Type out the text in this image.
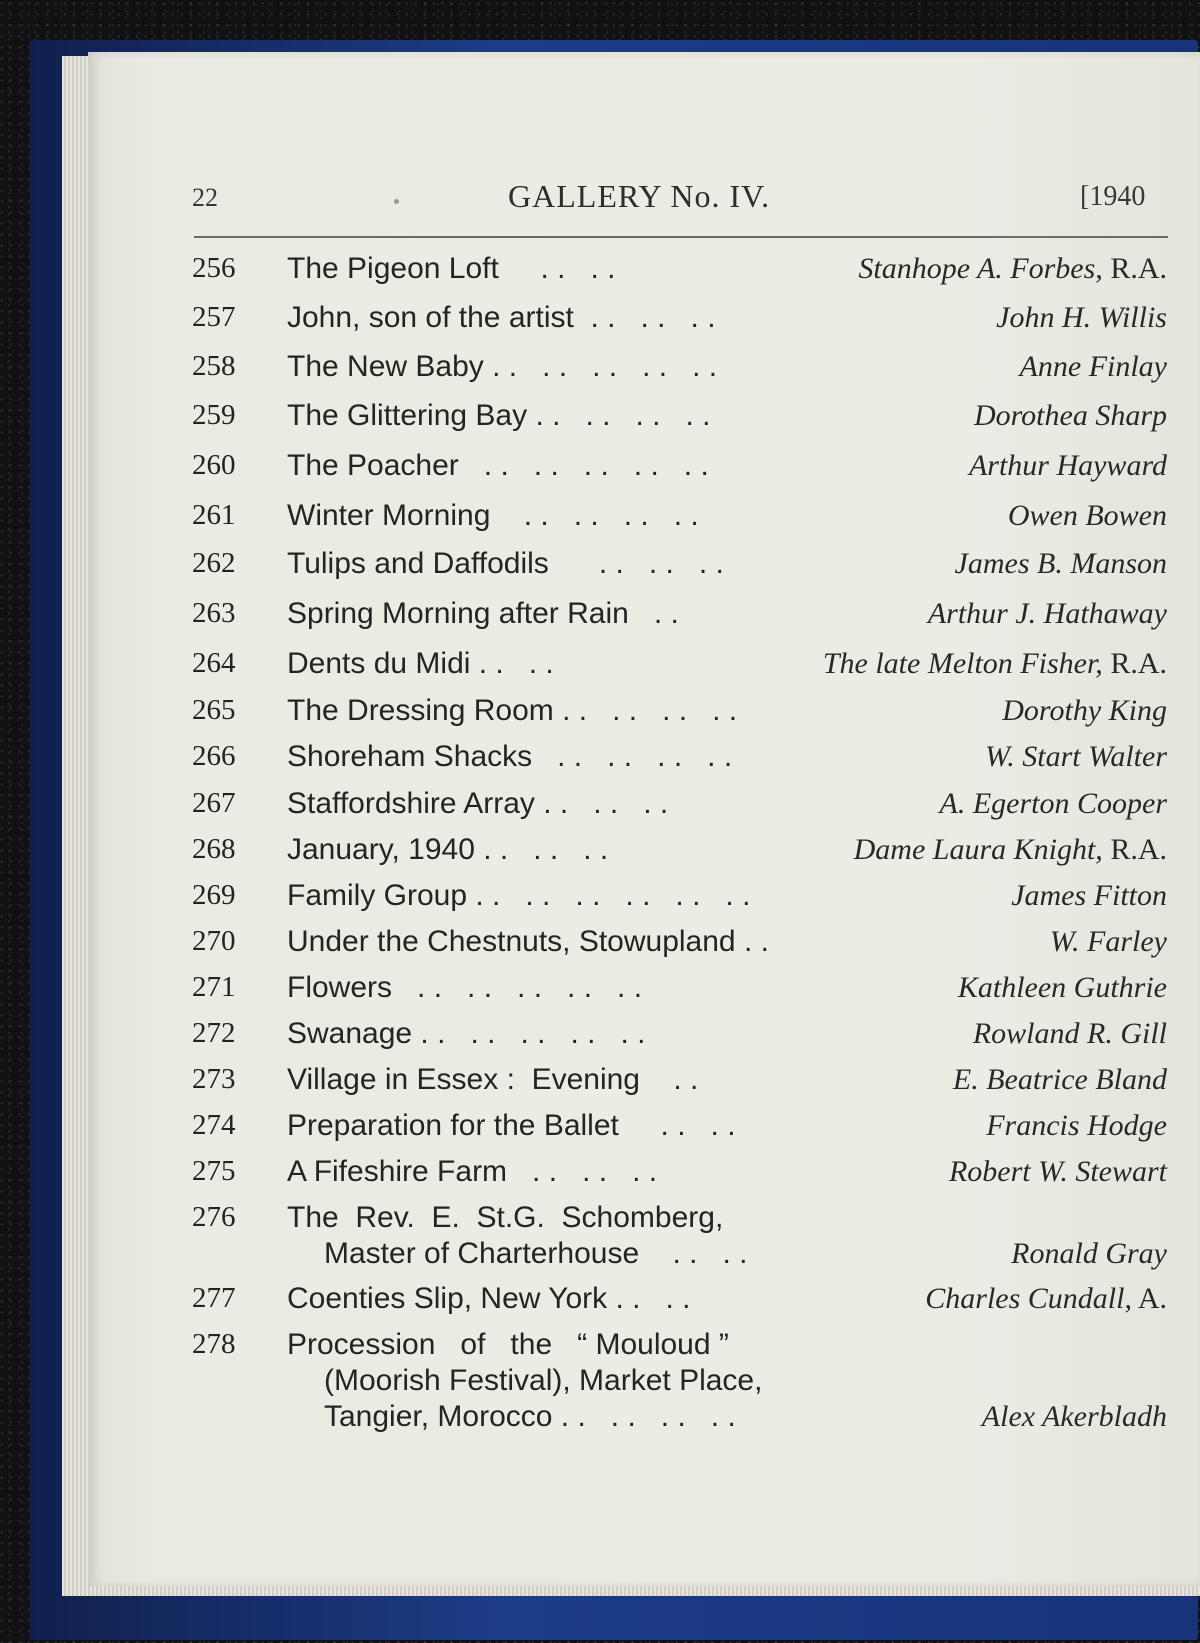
22	GALLERY No. IV.	[1940
256 The Pigeon Loft     . .   . .	Stanhope A. Forbes, R.A.
257 John, son of the artist  . .   . .   . .	John H. Willis
258 The New Baby . .   . .   . .   . .   . .	Anne Finlay
259 The Glittering Bay . .   . .   . .   . .	Dorothea Sharp
260 The Poacher   . .   . .   . .   . .   . .	Arthur Hayward
261 Winter Morning    . .   . .   . .   . .	Owen Bowen
262 Tulips and Daffodils      . .   . .   . .	James B. Manson
263 Spring Morning after Rain   . .	Arthur J. Hathaway
264 Dents du Midi . .   . .	The late Melton Fisher, R.A.
265 The Dressing Room . .   . .   . .   . .	Dorothy King
266 Shoreham Shacks   . .   . .   . .   . .	W. Start Walter
267 Staffordshire Array . .   . .   . .	A. Egerton Cooper
268 January, 1940 . .   . .   . .	Dame Laura Knight, R.A.
269 Family Group . .   . .   . .   . .   . .   . .	James Fitton
270 Under the Chestnuts, Stowupland . .	W. Farley
271 Flowers   . .   . .   . .   . .   . .	Kathleen Guthrie
272 Swanage . .   . .   . .   . .   . .	Rowland R. Gill
273 Village in Essex :  Evening    . .	E. Beatrice Bland
274 Preparation for the Ballet     . .   . .	Francis Hodge
275 A Fifeshire Farm   . .   . .   . .	Robert W. Stewart
276 The  Rev.  E.  St.G.  Schomberg,
Master of Charterhouse    . .   . .	Ronald Gray
277 Coenties Slip, New York . .   . .	Charles Cundall, A.
278 Procession   of   the   “ Mouloud ”
(Moorish Festival), Market Place,
Tangier, Morocco . .   . .   . .   . .	Alex Akerbladh
